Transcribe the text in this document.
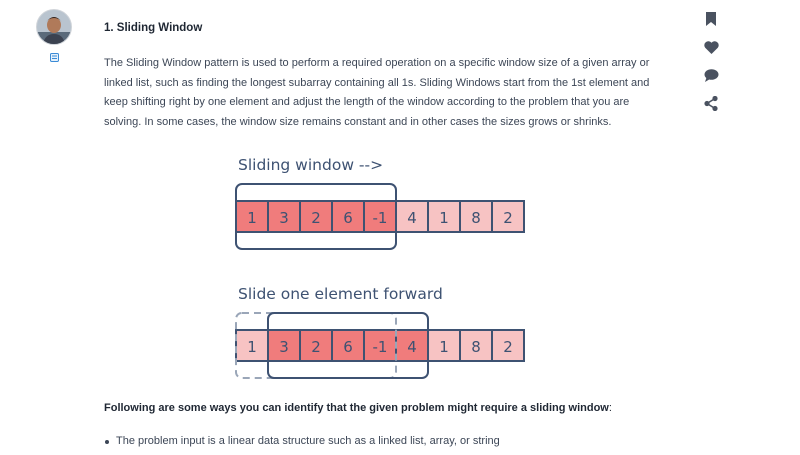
1. Sliding Window

The Sliding Window pattern is used to perform a required operation on a specific window size of a given array or linked list, such as finding the longest subarray containing all 1s. Sliding Windows start from the 1st element and keep shifting right by one element and adjust the length of the window according to the problem that you are solving. In some cases, the window size remains constant and in other cases the sizes grows or shrinks.

Sliding window -->
Slide one element forward
1 3 2 6 -1 4 1 8 2
1 3 2 6 -1 4 1 8 2

Following are some ways you can identify that the given problem might require a sliding window:

The problem input is a linear data structure such as a linked list, array, or string
